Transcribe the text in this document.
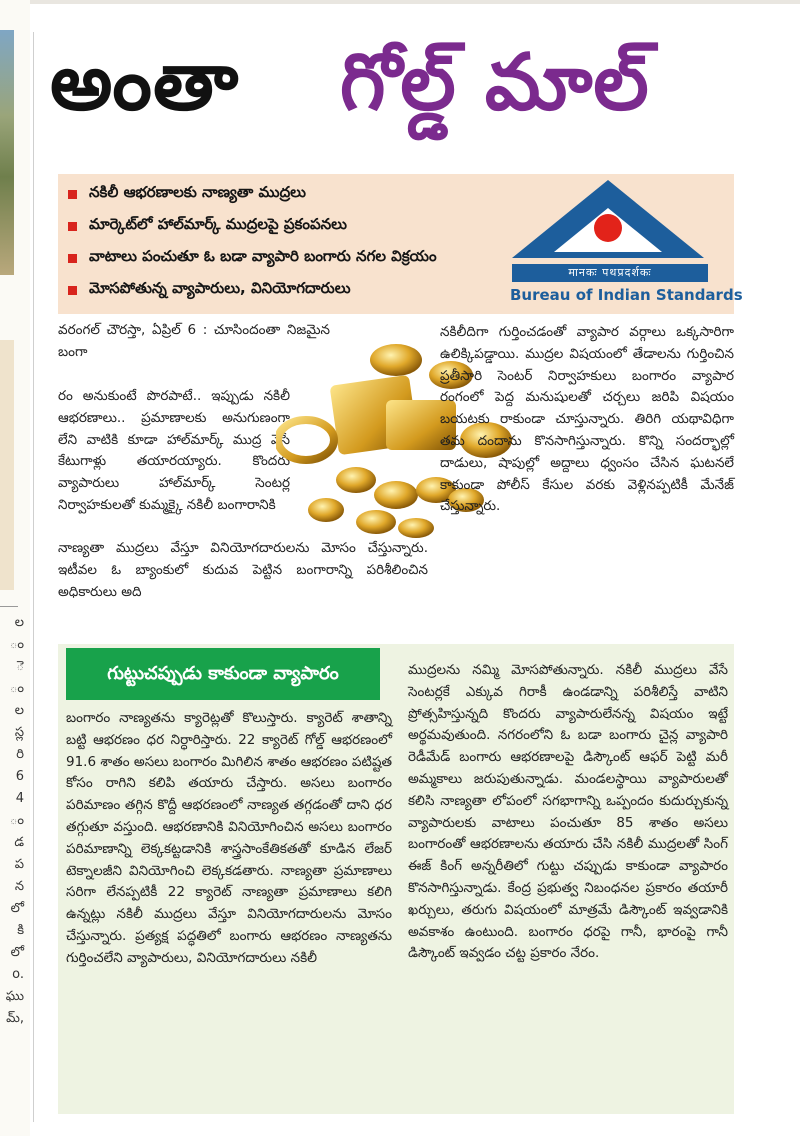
ల
ం
ె
ం
ల
స్ల
రి
6
4
ం
డ
ప
న
లో
కి
లో
o.
ఘు
మ్,
అంతా గోల్డ్ మాల్
నకిలీ ఆభరణాలకు నాణ్యతా ముద్రలు
మార్కెట్‌లో హాల్‌మార్క్ ముద్రలపై ప్రకంపనలు
వాటాలు పంచుతూ ఓ బడా వ్యాపారి బంగారు నగల విక్రయం
మోసపోతున్న వ్యాపారులు, వినియోగదారులు
मानकः पथप्रदर्शकः
Bureau of Indian Standards
వరంగల్ చౌరస్తా, ఏప్రిల్ 6 : చూసిందంతా నిజమైన బంగా
రం అనుకుంటే పొరపాటే.. ఇప్పుడు నకిలీ ఆభరణాలు.. ప్రమాణాలకు అనుగుణంగా లేని వాటికి కూడా హాల్‌మార్క్ ముద్ర వేసే కేటుగాళ్లు తయారయ్యారు. కొందరు వ్యాపారులు హాల్‌మార్క్ సెంటర్ల నిర్వాహకులతో కుమ్మక్కై నకిలీ బంగారానికి
నాణ్యతా ముద్రలు వేస్తూ వినియోగదారులను మోసం చేస్తున్నారు. ఇటీవల ఓ బ్యాంకులో కుదువ పెట్టిన బంగారాన్ని పరిశీలించిన అధికారులు అది
నకిలీదిగా గుర్తించడంతో వ్యాపార వర్గాలు ఒక్కసారిగా ఉలిక్కిపడ్డాయి. ముద్రల విషయంలో తేడాలను గుర్తించిన ప్రతీసారి సెంటర్ నిర్వాహకులు బంగారం వ్యాపార రంగంలో పెద్ద మనుషులతో చర్చలు జరిపి విషయం బయటకు రాకుండా చూస్తున్నారు. తిరిగి యథావిధిగా తమ దందాను కొనసాగిస్తున్నారు. కొన్ని సందర్భాల్లో దాడులు, షాపుల్లో అద్దాలు ధ్వంసం చేసిన ఘటనలే కాకుండా పోలీస్ కేసుల వరకు వెళ్లినప్పటికీ మేనేజ్ చేస్తున్నారు.
గుట్టుచప్పుడు కాకుండా వ్యాపారం
బంగారం నాణ్యతను క్యారెట్లతో కొలుస్తారు. క్యారెట్ శాతాన్ని బట్టి ఆభరణం ధర నిర్ధారిస్తారు. 22 క్యారెట్ గోల్డ్ ఆభరణంలో 91.6 శాతం అసలు బంగారం మిగిలిన శాతం ఆభరణం పటిష్టత కోసం రాగిని కలిపి తయారు చేస్తారు. అసలు బంగారం పరిమాణం తగ్గిన కొద్దీ ఆభరణంలో నాణ్యత తగ్గడంతో దాని ధర తగ్గుతూ వస్తుంది. ఆభరణానికి వినియోగించిన అసలు బంగారం పరిమాణాన్ని లెక్కకట్టడానికి శాస్త్రసాంకేతికతతో కూడిన లేజర్ టెక్నాలజీని వినియోగించి లెక్కకడతారు. నాణ్యతా ప్రమాణాలు సరిగా లేనప్పటికీ 22 క్యారెట్ నాణ్యతా ప్రమాణాలు కలిగి ఉన్నట్లు నకిలీ ముద్రలు వేస్తూ వినియోగదారులను మోసం చేస్తున్నారు. ప్రత్యక్ష పద్ధతిలో బంగారు ఆభరణం నాణ్యతను గుర్తించలేని వ్యాపారులు, వినియోగదారులు నకిలీ
ముద్రలను నమ్మి మోసపోతున్నారు. నకిలీ ముద్రలు వేసే సెంటర్లకే ఎక్కువ గిరాకీ ఉండడాన్ని పరిశీలిస్తే వాటిని ప్రోత్సహిస్తున్నది కొందరు వ్యాపారులేనన్న విషయం ఇట్టే అర్థమవుతుంది. నగరంలోని ఓ బడా బంగారు చైన్ల వ్యాపారి రెడీమేడ్ బంగారు ఆభరణాలపై డిస్కౌంట్ ఆఫర్ పెట్టి మరీ అమ్మకాలు జరుపుతున్నాడు. మండలస్థాయి వ్యాపారులతో కలిసి నాణ్యతా లోపంలో సగభాగాన్ని ఒప్పందం కుదుర్చుకున్న వ్యాపారులకు వాటాలు పంచుతూ 85 శాతం అసలు బంగారంతో ఆభరణాలను తయారు చేసి నకిలీ ముద్రలతో సింగ్ ఈజ్ కింగ్ అన్నరీతిలో గుట్టు చప్పుడు కాకుండా వ్యాపారం కొనసాగిస్తున్నాడు. కేంద్ర ప్రభుత్వ నిబంధనల ప్రకారం తయారీ ఖర్చులు, తరుగు విషయంలో మాత్రమే డిస్కౌంట్ ఇవ్వడానికి అవకాశం ఉంటుంది. బంగారం ధరపై గానీ, భారంపై గానీ డిస్కౌంట్ ఇవ్వడం చట్ట ప్రకారం నేరం.
